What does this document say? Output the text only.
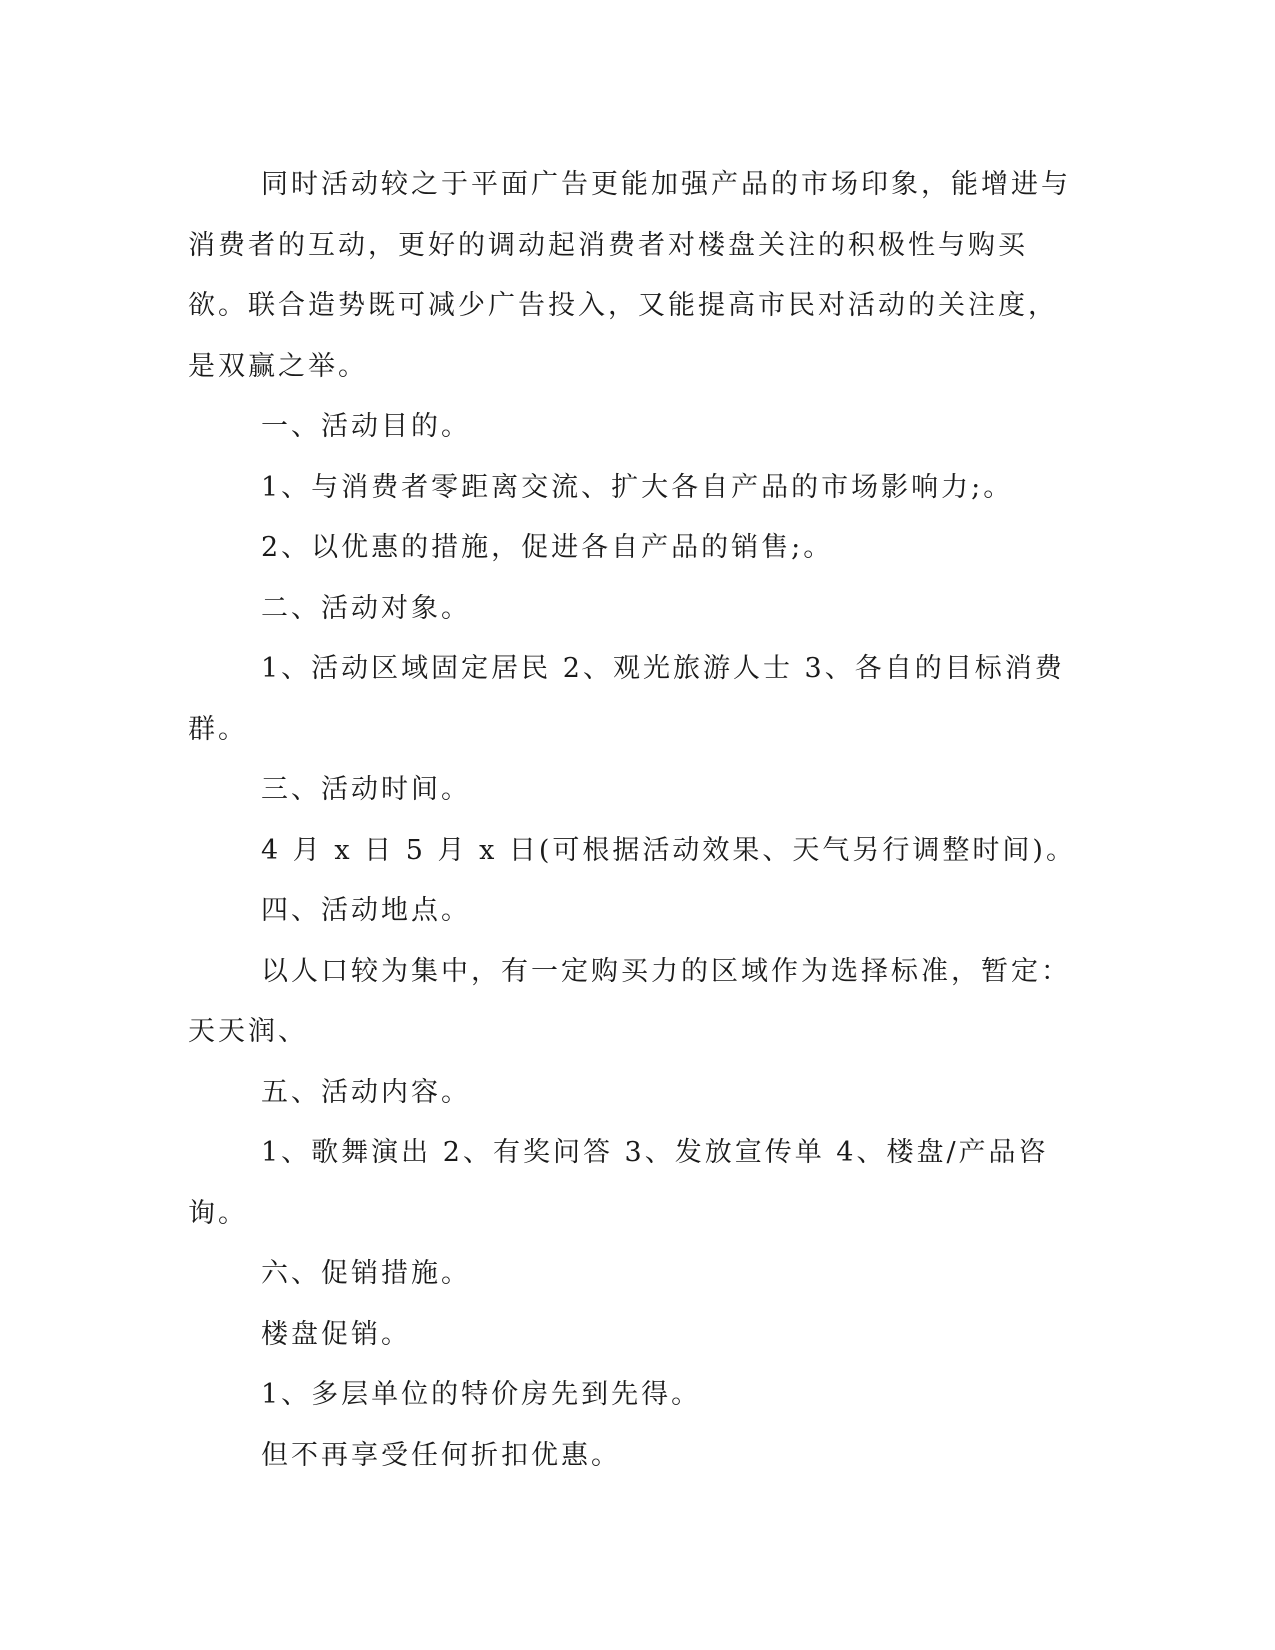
同时活动较之于平面广告更能加强产品的市场印象，能增进与消费者的互动，更好的调动起消费者对楼盘关注的积极性与购买欲。联合造势既可减少广告投入，又能提高市民对活动的关注度，是双赢之举。

一、活动目的。

1、与消费者零距离交流、扩大各自产品的市场影响力;。

2、以优惠的措施，促进各自产品的销售;。

二、活动对象。

1、活动区域固定居民 2、观光旅游人士 3、各自的目标消费群。

三、活动时间。

4 月 x 日 5 月 x 日(可根据活动效果、天气另行调整时间)。

四、活动地点。

以人口较为集中，有一定购买力的区域作为选择标准，暂定：天天润、

五、活动内容。

1、歌舞演出 2、有奖问答 3、发放宣传单 4、楼盘/产品咨询。

六、促销措施。

楼盘促销。

1、多层单位的特价房先到先得。

但不再享受任何折扣优惠。
